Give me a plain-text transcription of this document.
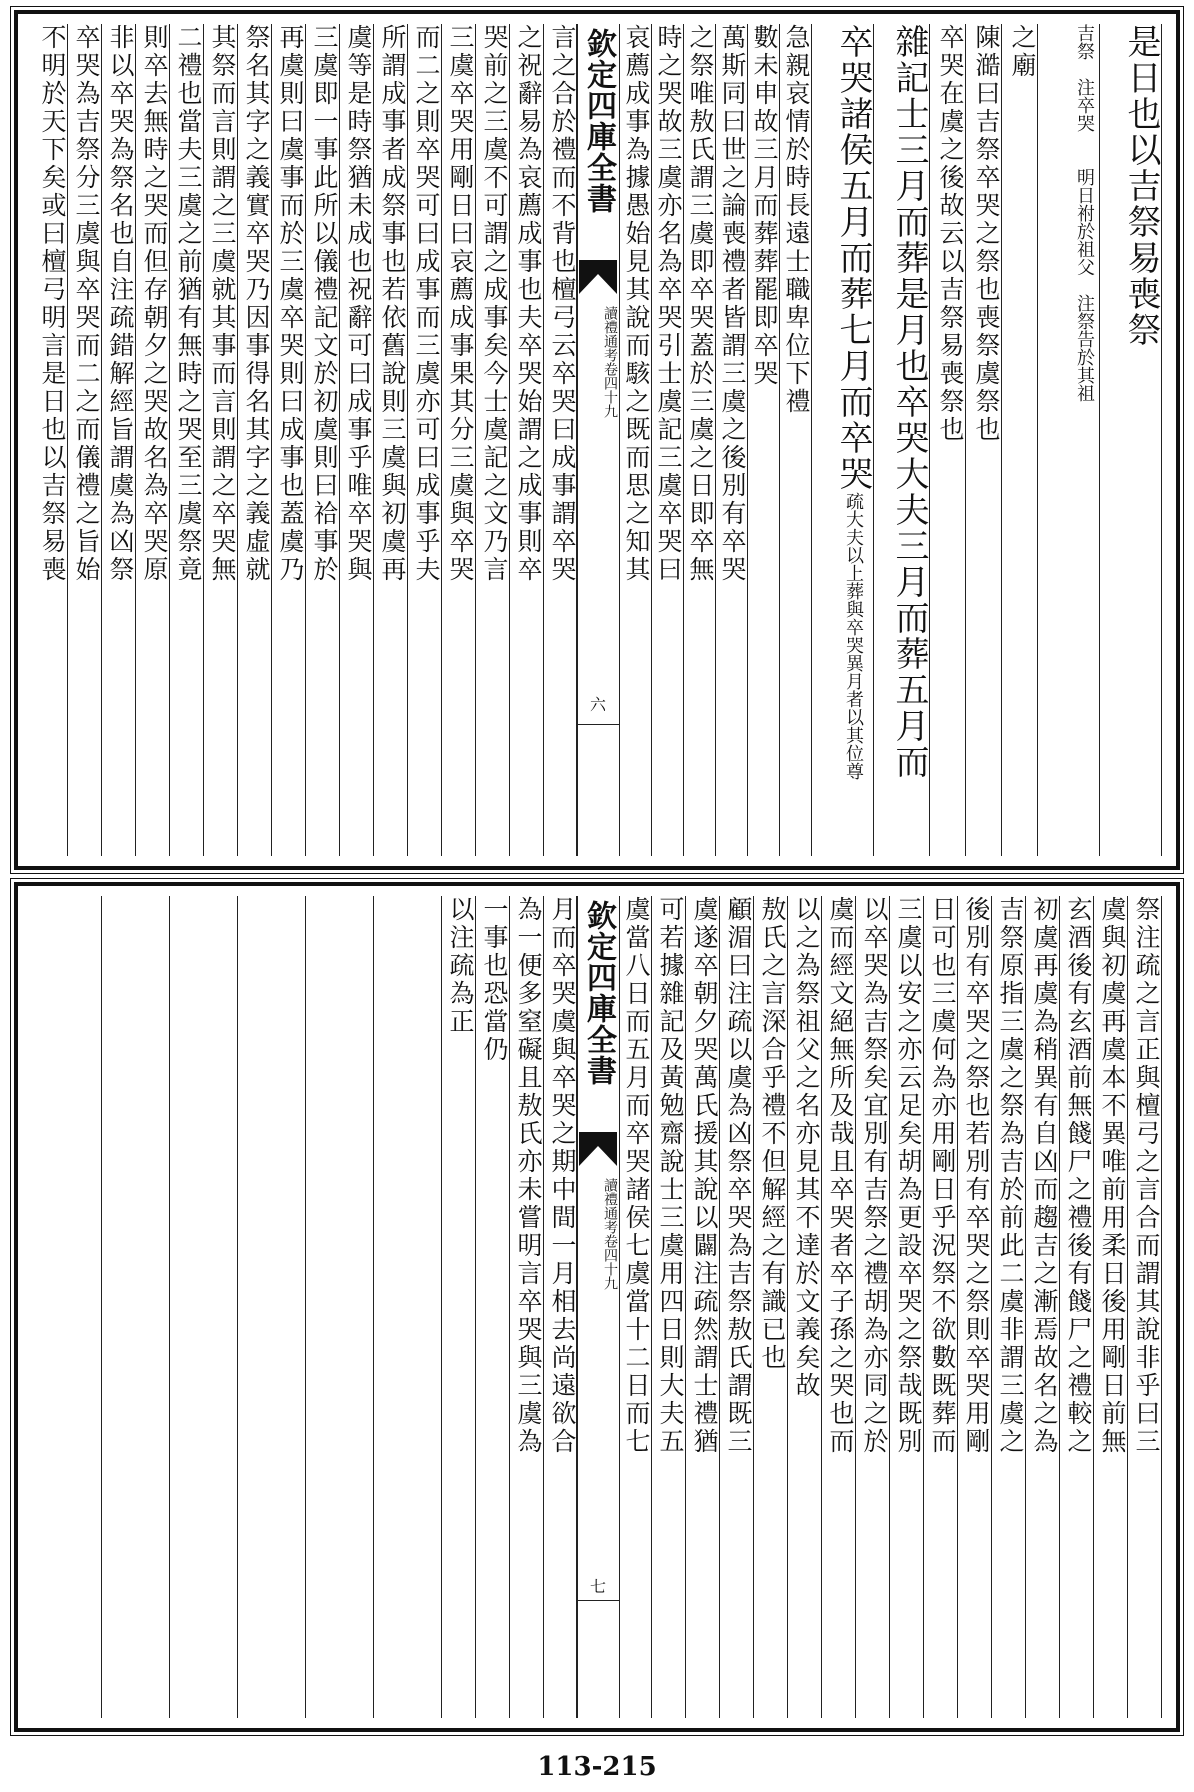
是日也以吉祭易喪祭
吉祭　注卒哭　　明日祔於祖父　注祭告於其祖
之廟
陳澔曰吉祭卒哭之祭也喪祭虞祭也
卒哭在虞之後故云以吉祭易喪祭也
雜記士三月而葬是月也卒哭大夫三月而葬五月而
卒哭諸侯五月而葬七月而卒哭疏大夫以上葬與卒哭異月者以其位尊
急親哀情於時長遠士職卑位下禮
數未申故三月而葬葬罷即卒哭
萬斯同曰世之論喪禮者皆謂三虞之後別有卒哭
之祭唯敖氏謂三虞即卒哭蓋於三虞之日即卒無
時之哭故三虞亦名為卒哭引士虞記三虞卒哭曰
哀薦成事為據愚始見其說而駭之既而思之知其
欽定四庫全書
讀禮通考
卷四十九
六
言之合於禮而不背也檀弓云卒哭曰成事謂卒哭
之祝辭易為哀薦成事也夫卒哭始謂之成事則卒
哭前之三虞不可謂之成事矣今士虞記之文乃言
三虞卒哭用剛日曰哀薦成事果其分三虞與卒哭
而二之則卒哭可曰成事而三虞亦可曰成事乎夫
所謂成事者成祭事也若依舊說則三虞與初虞再
虞等是時祭猶未成也祝辭可曰成事乎唯卒哭與
三虞即一事此所以儀禮記文於初虞則曰祫事於
再虞則曰虞事而於三虞卒哭則曰成事也蓋虞乃
祭名其字之義實卒哭乃因事得名其字之義虛就
其祭而言則謂之三虞就其事而言則謂之卒哭無
二禮也當夫三虞之前猶有無時之哭至三虞祭竟
則卒去無時之哭而但存朝夕之哭故名為卒哭原
非以卒哭為祭名也自注疏錯解經旨謂虞為凶祭
卒哭為吉祭分三虞與卒哭而二之而儀禮之旨始
不明於天下矣或曰檀弓明言是日也以吉祭易喪
祭注疏之言正與檀弓之言合而謂其說非乎曰三
虞與初虞再虞本不異唯前用柔日後用剛日前無
玄酒後有玄酒前無餞尸之禮後有餞尸之禮較之
初虞再虞為稍異有自凶而趨吉之漸焉故名之為
吉祭原指三虞之祭為吉於前此二虞非謂三虞之
後別有卒哭之祭也若別有卒哭之祭則卒哭用剛
日可也三虞何為亦用剛日乎況祭不欲數既葬而
三虞以安之亦云足矣胡為更設卒哭之祭哉既別
以卒哭為吉祭矣宜別有吉祭之禮胡為亦同之於
虞而經文絕無所及哉且卒哭者卒子孫之哭也而
以之為祭祖父之名亦見其不達於文義矣故
敖氏之言深合乎禮不但解經之有識已也
顧湄曰注疏以虞為凶祭卒哭為吉祭敖氏謂既三
虞遂卒朝夕哭萬氏援其說以闢注疏然謂士禮猶
可若據雜記及黃勉齋說士三虞用四日則大夫五
虞當八日而五月而卒哭諸侯七虞當十二日而七
欽定四庫全書
讀禮通考
卷四十九
七
月而卒哭虞與卒哭之期中間一月相去尚遠欲合
為一便多窒礙且敖氏亦未嘗明言卒哭與三虞為
一事也恐當仍
以注疏為正
113-215
